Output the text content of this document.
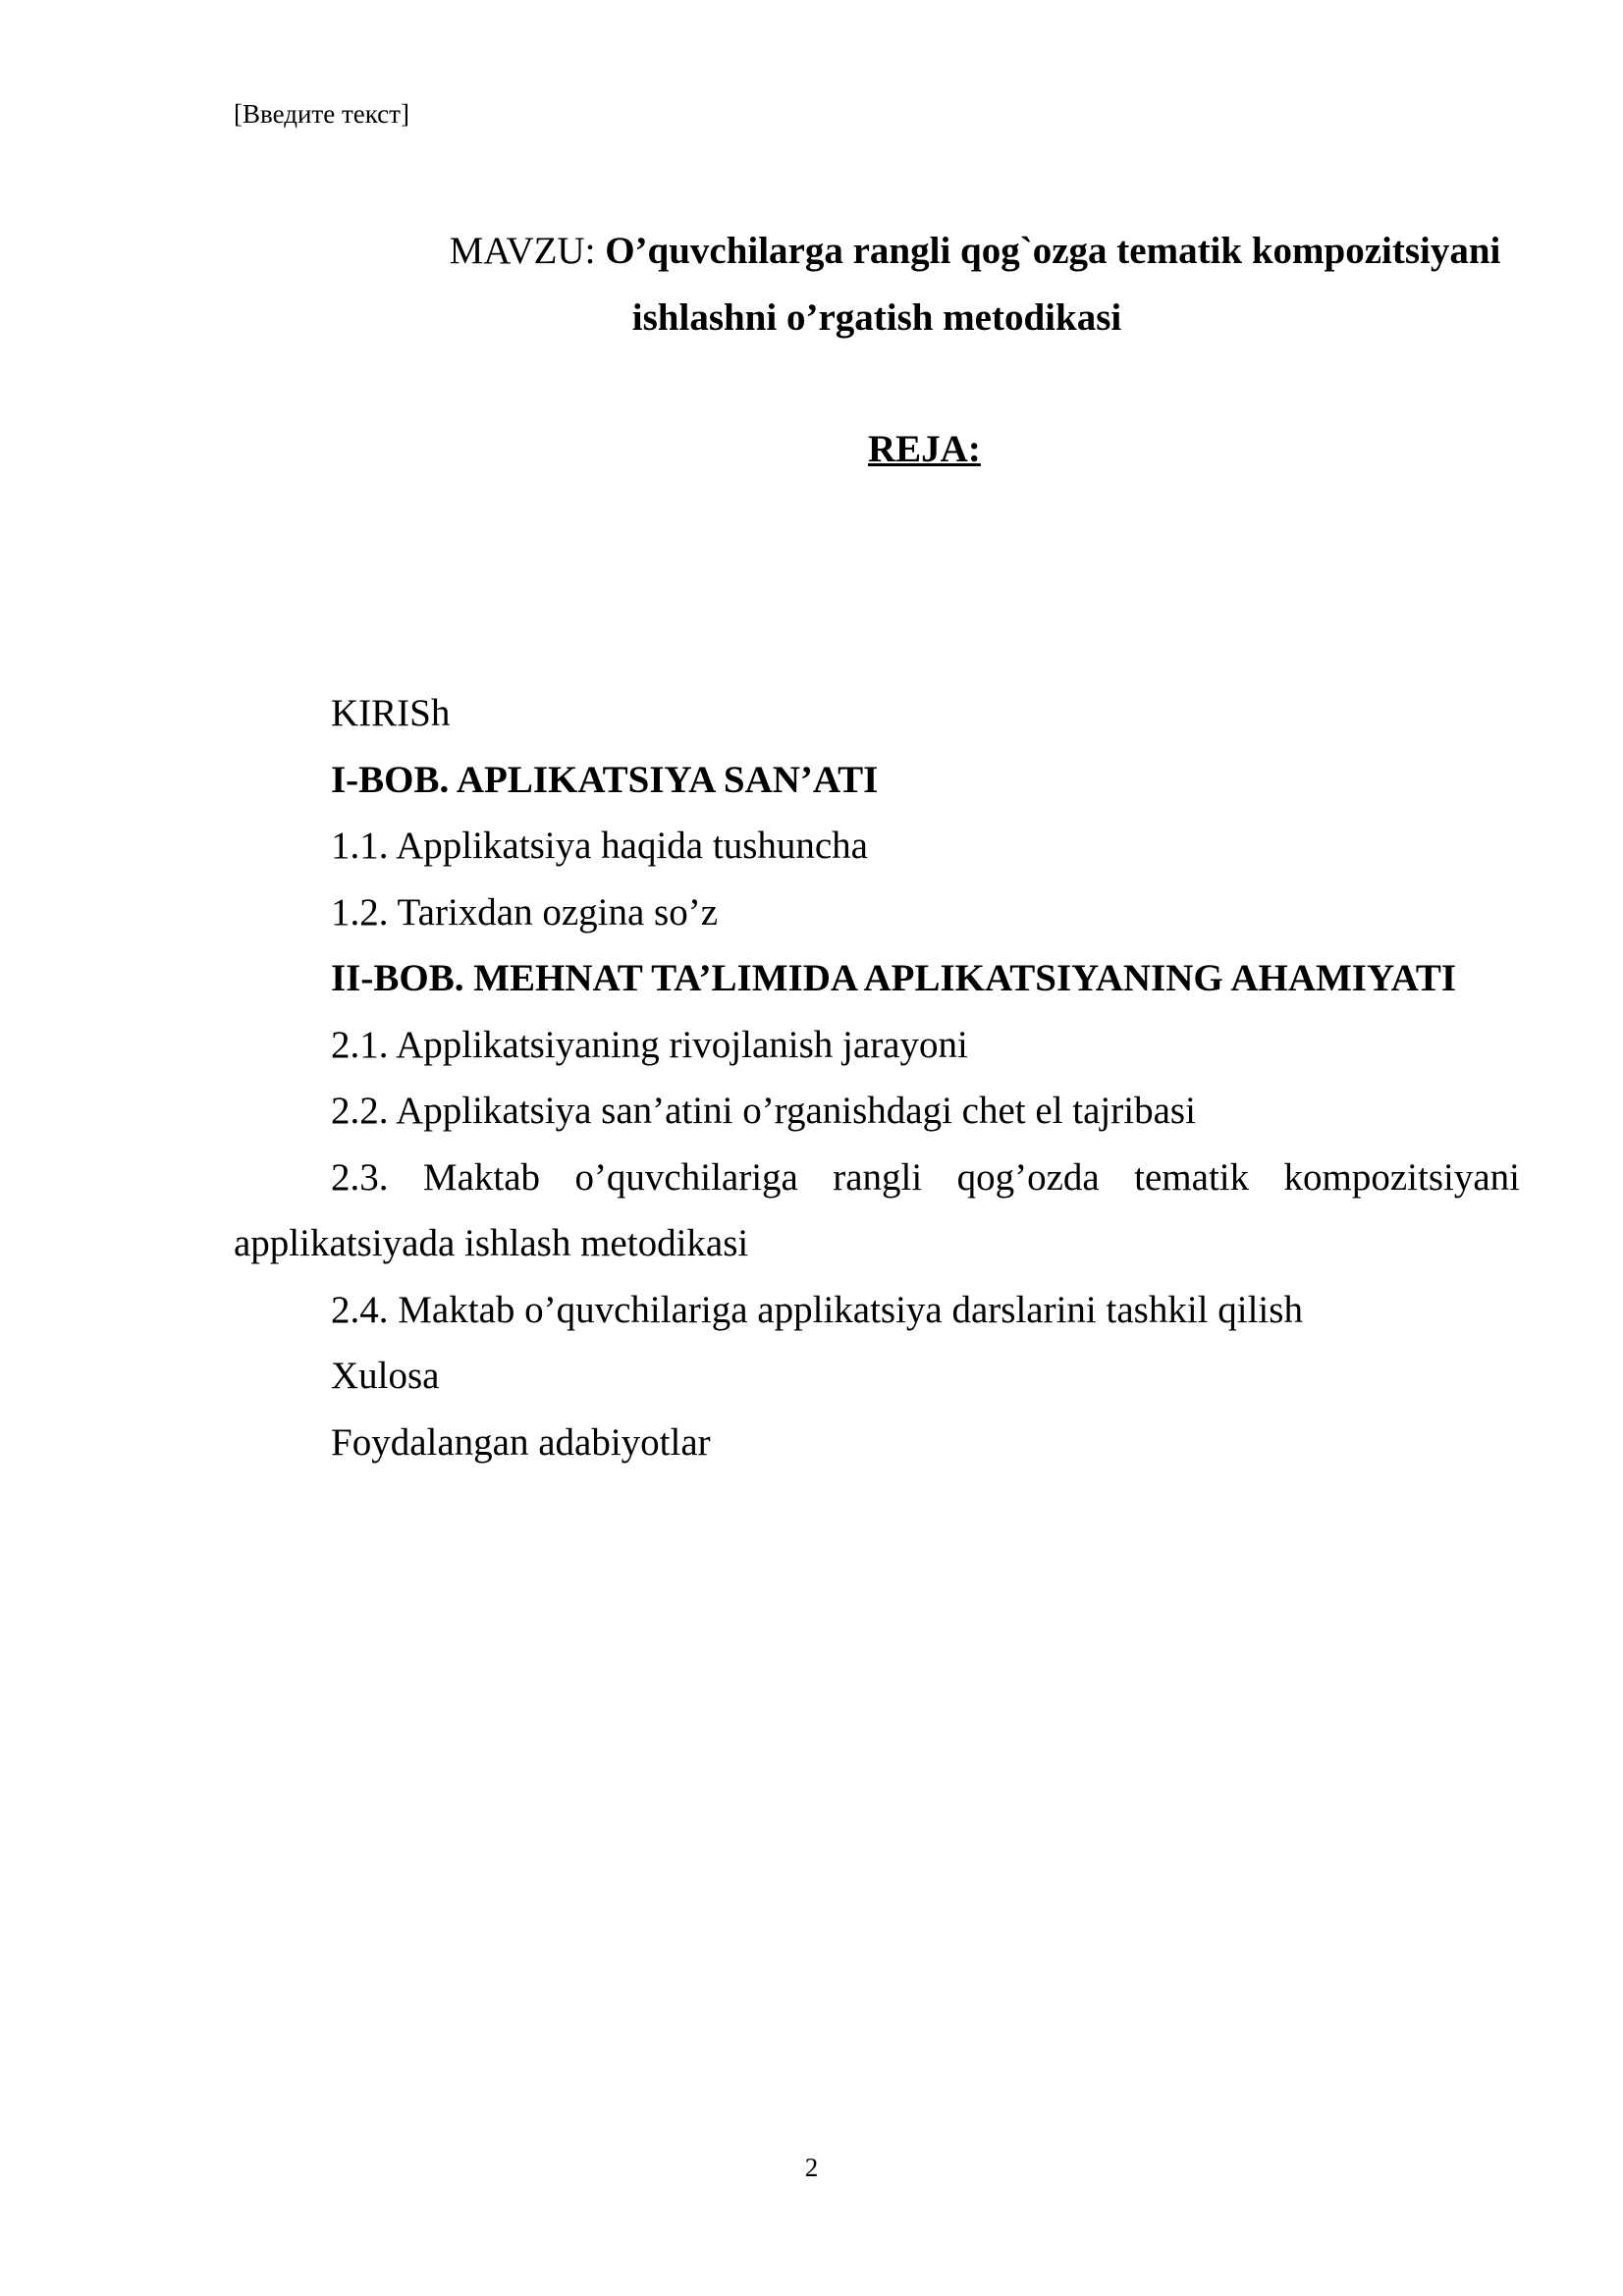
[Введите текст]
MAVZU: O’quvchilarga rangli qog`ozga tematik kompozitsiyani
ishlashni o’rgatish metodikasi
REJA:
KIRISh
I-BOB. APLIKATSIYA SAN’ATI
1.1. Applikatsiya haqida tushuncha
1.2. Tarixdan ozgina so’z
II-BOB. MEHNAT TA’LIMIDA APLIKATSIYANING AHAMIYATI
2.1. Applikatsiyaning rivojlanish jarayoni
2.2. Applikatsiya san’atini o’rganishdagi chet el tajribasi
2.3. Maktab o’quvchilariga rangli qog’ozda tematik kompozitsiyani
applikatsiyada ishlash metodikasi
2.4. Maktab o’quvchilariga applikatsiya darslarini tashkil qilish
Xulosa
Foydalangan adabiyotlar
2
